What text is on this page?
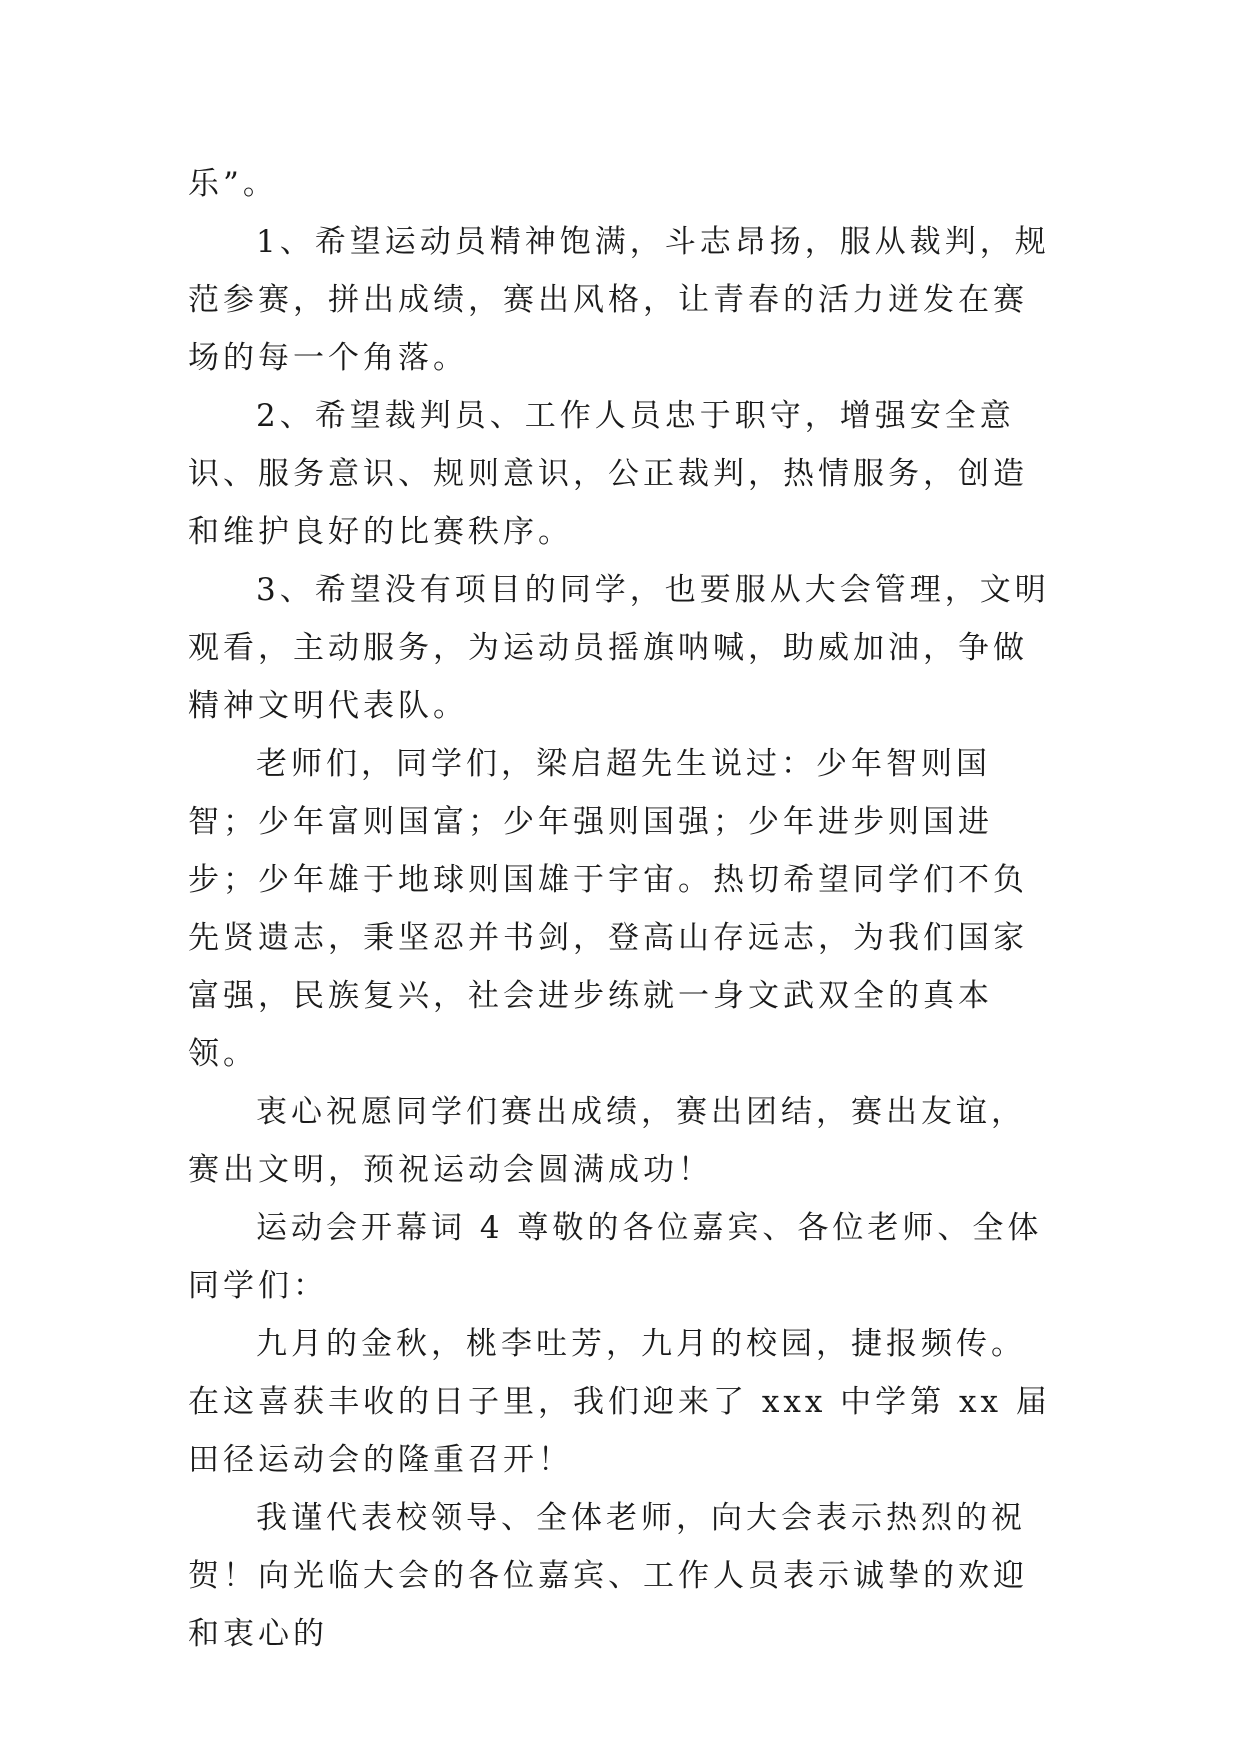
乐”。

1、希望运动员精神饱满，斗志昂扬，服从裁判，规范参赛，拼出成绩，赛出风格，让青春的活力迸发在赛场的每一个角落。

2、希望裁判员、工作人员忠于职守，增强安全意识、服务意识、规则意识，公正裁判，热情服务，创造和维护良好的比赛秩序。

3、希望没有项目的同学，也要服从大会管理，文明观看，主动服务，为运动员摇旗呐喊，助威加油，争做精神文明代表队。

老师们，同学们，梁启超先生说过：少年智则国智；少年富则国富；少年强则国强；少年进步则国进步；少年雄于地球则国雄于宇宙。热切希望同学们不负先贤遗志，秉坚忍并书剑，登高山存远志，为我们国家富强，民族复兴，社会进步练就一身文武双全的真本领。

衷心祝愿同学们赛出成绩，赛出团结，赛出友谊，赛出文明，预祝运动会圆满成功！

运动会开幕词 4 尊敬的各位嘉宾、各位老师、全体同学们：

九月的金秋，桃李吐芳，九月的校园，捷报频传。在这喜获丰收的日子里，我们迎来了 xxx 中学第 xx 届田径运动会的隆重召开！

我谨代表校领导、全体老师，向大会表示热烈的祝贺！向光临大会的各位嘉宾、工作人员表示诚挚的欢迎和衷心的
